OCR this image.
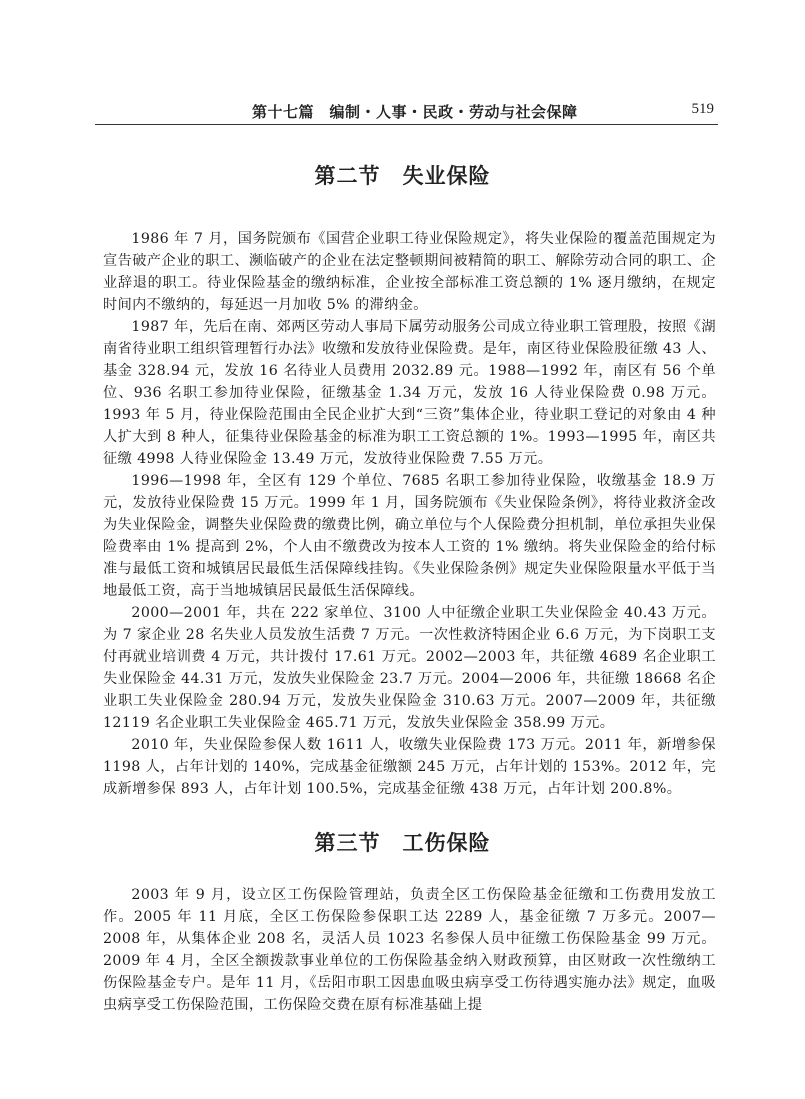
第十七篇　编制・人事・民政・劳动与社会保障	519
第二节 失业保险

1986 年 7 月，国务院颁布《国营企业职工待业保险规定》，将失业保险的覆盖范围规定为宣告破产企业的职工、濒临破产的企业在法定整顿期间被精简的职工、解除劳动合同的职工、企业辞退的职工。待业保险基金的缴纳标准，企业按全部标准工资总额的 1% 逐月缴纳，在规定时间内不缴纳的，每延迟一月加收 5% 的滞纳金。

1987 年，先后在南、郊两区劳动人事局下属劳动服务公司成立待业职工管理股，按照《湖南省待业职工组织管理暂行办法》收缴和发放待业保险费。是年，南区待业保险股征缴 43 人、基金 328.94 元，发放 16 名待业人员费用 2032.89 元。1988—1992 年，南区有 56 个单位、936 名职工参加待业保险，征缴基金 1.34 万元，发放 16 人待业保险费 0.98 万元。1993 年 5 月，待业保险范围由全民企业扩大到“三资”集体企业，待业职工登记的对象由 4 种人扩大到 8 种人，征集待业保险基金的标准为职工工资总额的 1%。1993—1995 年，南区共征缴 4998 人待业保险金 13.49 万元，发放待业保险费 7.55 万元。

1996—1998 年，全区有 129 个单位、7685 名职工参加待业保险，收缴基金 18.9 万元，发放待业保险费 15 万元。1999 年 1 月，国务院颁布《失业保险条例》，将待业救济金改为失业保险金，调整失业保险费的缴费比例，确立单位与个人保险费分担机制，单位承担失业保险费率由 1% 提高到 2%，个人由不缴费改为按本人工资的 1% 缴纳。将失业保险金的给付标准与最低工资和城镇居民最低生活保障线挂钩。《失业保险条例》规定失业保险限量水平低于当地最低工资，高于当地城镇居民最低生活保障线。

2000—2001 年，共在 222 家单位、3100 人中征缴企业职工失业保险金 40.43 万元。为 7 家企业 28 名失业人员发放生活费 7 万元。一次性救济特困企业 6.6 万元，为下岗职工支付再就业培训费 4 万元，共计拨付 17.61 万元。2002—2003 年，共征缴 4689 名企业职工失业保险金 44.31 万元，发放失业保险金 23.7 万元。2004—2006 年，共征缴 18668 名企业职工失业保险金 280.94 万元，发放失业保险金 310.63 万元。2007—2009 年，共征缴 12119 名企业职工失业保险金 465.71 万元，发放失业保险金 358.99 万元。

2010 年，失业保险参保人数 1611 人，收缴失业保险费 173 万元。2011 年，新增参保 1198 人，占年计划的 140%，完成基金征缴额 245 万元，占年计划的 153%。2012 年，完成新增参保 893 人，占年计划 100.5%，完成基金征缴 438 万元，占年计划 200.8%。

第三节 工伤保险

2003 年 9 月，设立区工伤保险管理站，负责全区工伤保险基金征缴和工伤费用发放工作。2005 年 11 月底，全区工伤保险参保职工达 2289 人，基金征缴 7 万多元。2007—2008 年，从集体企业 208 名，灵活人员 1023 名参保人员中征缴工伤保险基金 99 万元。2009 年 4 月，全区全额拨款事业单位的工伤保险基金纳入财政预算，由区财政一次性缴纳工伤保险基金专户。是年 11 月，《岳阳市职工因患血吸虫病享受工伤待遇实施办法》规定，血吸虫病享受工伤保险范围，工伤保险交费在原有标准基础上提
